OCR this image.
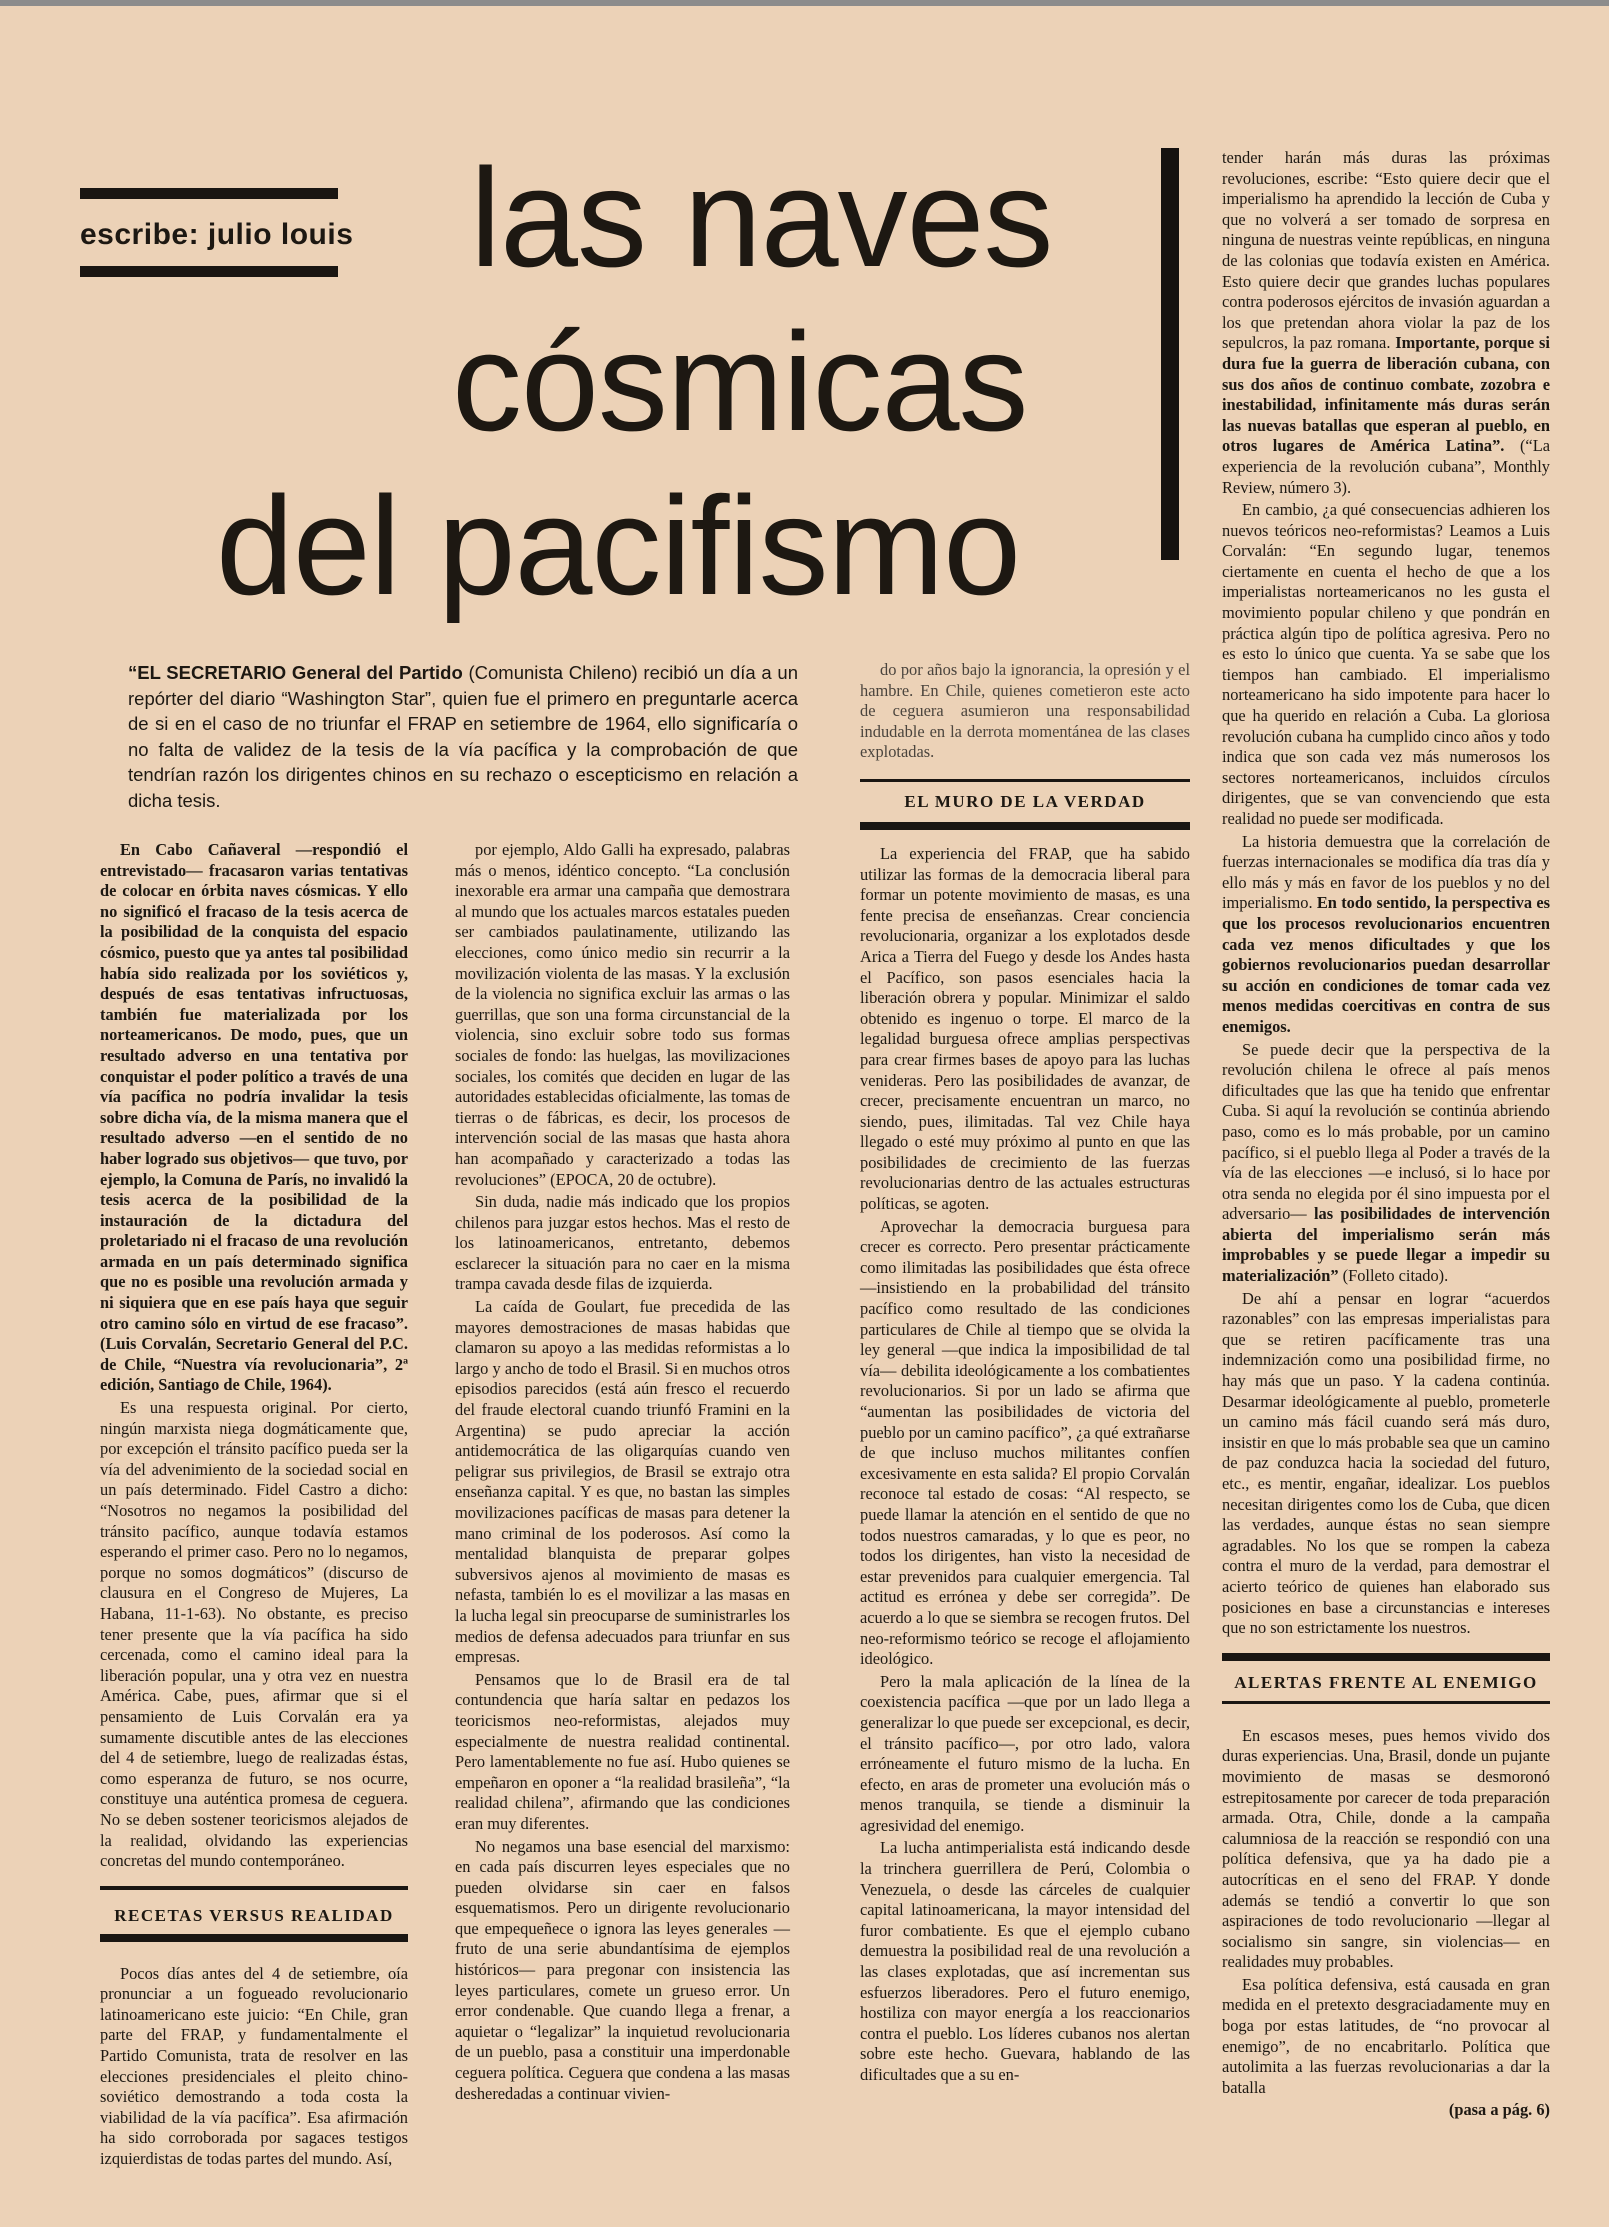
escribe: julio louis las naves
cósmicas
del pacifismo
“EL SECRETARIO General del Partido (Comunista Chileno) recibió un día a un repórter del diario “Washington Star”, quien fue el primero en preguntarle acerca de si en el caso de no triunfar el FRAP en setiembre de 1964, ello significaría o no falta de validez de la tesis de la vía pacífica y la comprobación de que tendrían razón los dirigentes chinos en su rechazo o escepticismo en relación a dicha tesis.

En Cabo Cañaveral —respondió el entrevistado— fracasaron varias tentativas de colocar en órbita naves cósmicas. Y ello no significó el fracaso de la tesis acerca de la posibilidad de la conquista del espacio cósmico, puesto que ya antes tal posibilidad había sido realizada por los soviéticos y, después de esas tentativas infructuosas, también fue materializada por los norteamericanos. De modo, pues, que un resultado adverso en una tentativa por conquistar el poder político a través de una vía pacífica no podría invalidar la tesis sobre dicha vía, de la misma manera que el resultado adverso —en el sentido de no haber logrado sus objetivos— que tuvo, por ejemplo, la Comuna de París, no invalidó la tesis acerca de la posibilidad de la instauración de la dictadura del proletariado ni el fracaso de una revolución armada en un país determinado significa que no es posible una revolución armada y ni siquiera que en ese país haya que seguir otro camino sólo en virtud de ese fracaso”. (Luis Corvalán, Secretario General del P.C. de Chile, “Nuestra vía revolucionaria”, 2ª edición, Santiago de Chile, 1964).

Es una respuesta original. Por cierto, ningún marxista niega dogmáticamente que, por excepción el tránsito pacífico pueda ser la vía del advenimiento de la sociedad social en un país determinado. Fidel Castro a dicho: “Nosotros no negamos la posibilidad del tránsito pacífico, aunque todavía estamos esperando el primer caso. Pero no lo negamos, porque no somos dogmáticos” (discurso de clausura en el Congreso de Mujeres, La Habana, 11-1-63). No obstante, es preciso tener presente que la vía pacífica ha sido cercenada, como el camino ideal para la liberación popular, una y otra vez en nuestra América. Cabe, pues, afirmar que si el pensamiento de Luis Corvalán era ya sumamente discutible antes de las elecciones del 4 de setiembre, luego de realizadas éstas, como esperanza de futuro, se nos ocurre, constituye una auténtica promesa de ceguera. No se deben sostener teoricismos alejados de la realidad, olvidando las experiencias concretas del mundo contemporáneo.

RECETAS VERSUS REALIDAD

Pocos días antes del 4 de setiembre, oía pronunciar a un fogueado revolucionario latinoamericano este juicio: “En Chile, gran parte del FRAP, y fundamentalmente el Partido Comunista, trata de resolver en las elecciones presidenciales el pleito chino-soviético demostrando a toda costa la viabilidad de la vía pacífica”. Esa afirmación ha sido corroborada por sagaces testigos izquierdistas de todas partes del mundo. Así,

por ejemplo, Aldo Galli ha expresado, palabras más o menos, idéntico concepto. “La conclusión inexorable era armar una campaña que demostrara al mundo que los actuales marcos estatales pueden ser cambiados paulatinamente, utilizando las elecciones, como único medio sin recurrir a la movilización violenta de las masas. Y la exclusión de la violencia no significa excluir las armas o las guerrillas, que son una forma circunstancial de la violencia, sino excluir sobre todo sus formas sociales de fondo: las huelgas, las movilizaciones sociales, los comités que deciden en lugar de las autoridades establecidas oficialmente, las tomas de tierras o de fábricas, es decir, los procesos de intervención social de las masas que hasta ahora han acompañado y caracterizado a todas las revoluciones” (EPOCA, 20 de octubre).

Sin duda, nadie más indicado que los propios chilenos para juzgar estos hechos. Mas el resto de los latinoamericanos, entretanto, debemos esclarecer la situación para no caer en la misma trampa cavada desde filas de izquierda.

La caída de Goulart, fue precedida de las mayores demostraciones de masas habidas que clamaron su apoyo a las medidas reformistas a lo largo y ancho de todo el Brasil. Si en muchos otros episodios parecidos (está aún fresco el recuerdo del fraude electoral cuando triunfó Framini en la Argentina) se pudo apreciar la acción antidemocrática de las oligarquías cuando ven peligrar sus privilegios, de Brasil se extrajo otra enseñanza capital. Y es que, no bastan las simples movilizaciones pacíficas de masas para detener la mano criminal de los poderosos. Así como la mentalidad blanquista de preparar golpes subversivos ajenos al movimiento de masas es nefasta, también lo es el movilizar a las masas en la lucha legal sin preocuparse de suministrarles los medios de defensa adecuados para triunfar en sus empresas.

Pensamos que lo de Brasil era de tal contundencia que haría saltar en pedazos los teoricismos neo-reformistas, alejados muy especialmente de nuestra realidad continental. Pero lamentablemente no fue así. Hubo quienes se empeñaron en oponer a “la realidad brasileña”, “la realidad chilena”, afirmando que las condiciones eran muy diferentes.

No negamos una base esencial del marxismo: en cada país discurren leyes especiales que no pueden olvidarse sin caer en falsos esquematismos. Pero un dirigente revolucionario que empequeñece o ignora las leyes generales —fruto de una serie abundantísima de ejemplos históricos— para pregonar con insistencia las leyes particulares, comete un grueso error. Un error condenable. Que cuando llega a frenar, a aquietar o “legalizar” la inquietud revolucionaria de un pueblo, pasa a constituir una imperdonable ceguera política. Ceguera que condena a las masas desheredadas a continuar vivien-

do por años bajo la ignorancia, la opresión y el hambre. En Chile, quienes cometieron este acto de ceguera asumieron una responsabilidad indudable en la derrota momentánea de las clases explotadas.

EL MURO DE LA VERDAD

La experiencia del FRAP, que ha sabido utilizar las formas de la democracia liberal para formar un potente movimiento de masas, es una fente precisa de enseñanzas. Crear conciencia revolucionaria, organizar a los explotados desde Arica a Tierra del Fuego y desde los Andes hasta el Pacífico, son pasos esenciales hacia la liberación obrera y popular. Minimizar el saldo obtenido es ingenuo o torpe. El marco de la legalidad burguesa ofrece amplias perspectivas para crear firmes bases de apoyo para las luchas venideras. Pero las posibilidades de avanzar, de crecer, precisamente encuentran un marco, no siendo, pues, ilimitadas. Tal vez Chile haya llegado o esté muy próximo al punto en que las posibilidades de crecimiento de las fuerzas revolucionarias dentro de las actuales estructuras políticas, se agoten.

Aprovechar la democracia burguesa para crecer es correcto. Pero presentar prácticamente como ilimitadas las posibilidades que ésta ofrece —insistiendo en la probabilidad del tránsito pacífico como resultado de las condiciones particulares de Chile al tiempo que se olvida la ley general —que indica la imposibilidad de tal vía— debilita ideológicamente a los combatientes revolucionarios. Si por un lado se afirma que “aumentan las posibilidades de victoria del pueblo por un camino pacífico”, ¿a qué extrañarse de que incluso muchos militantes confíen excesivamente en esta salida? El propio Corvalán reconoce tal estado de cosas: “Al respecto, se puede llamar la atención en el sentido de que no todos nuestros camaradas, y lo que es peor, no todos los dirigentes, han visto la necesidad de estar prevenidos para cualquier emergencia. Tal actitud es errónea y debe ser corregida”. De acuerdo a lo que se siembra se recogen frutos. Del neo-reformismo teórico se recoge el aflojamiento ideológico.

Pero la mala aplicación de la línea de la coexistencia pacífica —que por un lado llega a generalizar lo que puede ser excepcional, es decir, el tránsito pacífico—, por otro lado, valora erróneamente el futuro mismo de la lucha. En efecto, en aras de prometer una evolución más o menos tranquila, se tiende a disminuir la agresividad del enemigo.

La lucha antimperialista está indicando desde la trinchera guerrillera de Perú, Colombia o Venezuela, o desde las cárceles de cualquier capital latinoamericana, la mayor intensidad del furor combatiente. Es que el ejemplo cubano demuestra la posibilidad real de una revolución a las clases explotadas, que así incrementan sus esfuerzos liberadores. Pero el futuro enemigo, hostiliza con mayor energía a los reaccionarios contra el pueblo. Los líderes cubanos nos alertan sobre este hecho. Guevara, hablando de las dificultades que a su en-

tender harán más duras las próximas revoluciones, escribe: “Esto quiere decir que el imperialismo ha aprendido la lección de Cuba y que no volverá a ser tomado de sorpresa en ninguna de nuestras veinte repúblicas, en ninguna de las colonias que todavía existen en América. Esto quiere decir que grandes luchas populares contra poderosos ejércitos de invasión aguardan a los que pretendan ahora violar la paz de los sepulcros, la paz romana. Importante, porque si dura fue la guerra de liberación cubana, con sus dos años de continuo combate, zozobra e inestabilidad, infinitamente más duras serán las nuevas batallas que esperan al pueblo, en otros lugares de América Latina”. (“La experiencia de la revolución cubana”, Monthly Review, número 3).

En cambio, ¿a qué consecuencias adhieren los nuevos teóricos neo-reformistas? Leamos a Luis Corvalán: “En segundo lugar, tenemos ciertamente en cuenta el hecho de que a los imperialistas norteamericanos no les gusta el movimiento popular chileno y que pondrán en práctica algún tipo de política agresiva. Pero no es esto lo único que cuenta. Ya se sabe que los tiempos han cambiado. El imperialismo norteamericano ha sido impotente para hacer lo que ha querido en relación a Cuba. La gloriosa revolución cubana ha cumplido cinco años y todo indica que son cada vez más numerosos los sectores norteamericanos, incluidos círculos dirigentes, que se van convenciendo que esta realidad no puede ser modificada.

La historia demuestra que la correlación de fuerzas internacionales se modifica día tras día y ello más y más en favor de los pueblos y no del imperialismo. En todo sentido, la perspectiva es que los procesos revolucionarios encuentren cada vez menos dificultades y que los gobiernos revolucionarios puedan desarrollar su acción en condiciones de tomar cada vez menos medidas coercitivas en contra de sus enemigos.

Se puede decir que la perspectiva de la revolución chilena le ofrece al país menos dificultades que las que ha tenido que enfrentar Cuba. Si aquí la revolución se continúa abriendo paso, como es lo más probable, por un camino pacífico, si el pueblo llega al Poder a través de la vía de las elecciones —e inclusó, si lo hace por otra senda no elegida por él sino impuesta por el adversario— las posibilidades de intervención abierta del imperialismo serán más improbables y se puede llegar a impedir su materialización” (Folleto citado).

De ahí a pensar en lograr “acuerdos razonables” con las empresas imperialistas para que se retiren pacíficamente tras una indemnización como una posibilidad firme, no hay más que un paso. Y la cadena continúa. Desarmar ideológicamente al pueblo, prometerle un camino más fácil cuando será más duro, insistir en que lo más probable sea que un camino de paz conduzca hacia la sociedad del futuro, etc., es mentir, engañar, idealizar. Los pueblos necesitan dirigentes como los de Cuba, que dicen las verdades, aunque éstas no sean siempre agradables. No los que se rompen la cabeza contra el muro de la verdad, para demostrar el acierto teórico de quienes han elaborado sus posiciones en base a circunstancias e intereses que no son estrictamente los nuestros.

ALERTAS FRENTE AL ENEMIGO

En escasos meses, pues hemos vivido dos duras experiencias. Una, Brasil, donde un pujante movimiento de masas se desmoronó estrepitosamente por carecer de toda preparación armada. Otra, Chile, donde a la campaña calumniosa de la reacción se respondió con una política defensiva, que ya ha dado pie a autocríticas en el seno del FRAP. Y donde además se tendió a convertir lo que son aspiraciones de todo revolucionario —llegar al socialismo sin sangre, sin violencias— en realidades muy probables.

Esa política defensiva, está causada en gran medida en el pretexto desgraciadamente muy en boga por estas latitudes, de “no provocar al enemigo”, de no encabritarlo. Política que autolimita a las fuerzas revolucionarias a dar la batalla

(pasa a pág. 6)
